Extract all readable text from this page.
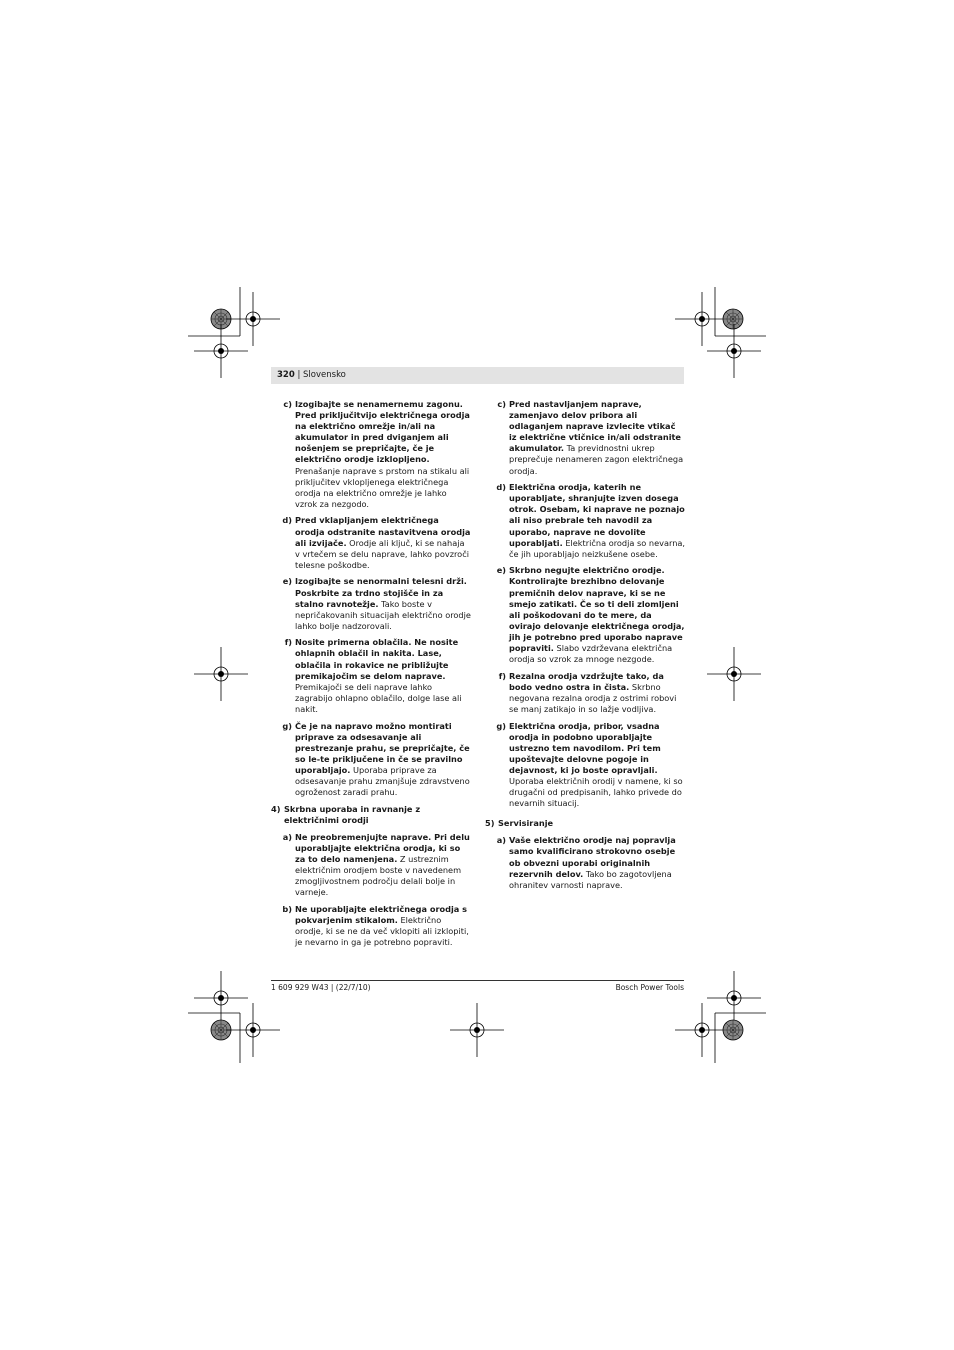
320 | Slovensko
c) Izogibajte se nenamernemu zagonu. Pred priključitvijo električnega orodja na električno omrežje in/ali na akumulator in pred dviganjem ali nošenjem se prepričajte, če je električno orodje izklopljeno. Prenašanje naprave s prstom na stikalu ali priključitev vklopljenega električnega orodja na električno omrežje je lahko vzrok za nezgodo.
d) Pred vklapljanjem električnega orodja odstranite nastavitvena orodja ali izvijače. Orodje ali ključ, ki se nahaja v vrtečem se delu naprave, lahko povzroči telesne poškodbe.
e) Izogibajte se nenormalni telesni drži. Poskrbite za trdno stojišče in za stalno ravnotežje. Tako boste v nepričakovanih situacijah električno orodje lahko bolje nadzorovali.
f) Nosite primerna oblačila. Ne nosite ohlapnih oblačil in nakita. Lase, oblačila in rokavice ne približujte premikajočim se delom naprave. Premikajoči se deli naprave lahko zagrabijo ohlapno oblačilo, dolge lase ali nakit.
g) Če je na napravo možno montirati priprave za odsesavanje ali prestrezanje prahu, se prepričajte, če so le-te priključene in če se pravilno uporabljajo. Uporaba priprave za odsesavanje prahu zmanjšuje zdravstveno ogroženost zaradi prahu.
4) Skrbna uporaba in ravnanje z električnimi orodji
a) Ne preobremenjujte naprave. Pri delu uporabljajte električna orodja, ki so za to delo namenjena. Z ustreznim električnim orodjem boste v navedenem zmogljivostnem področju delali bolje in varneje.
b) Ne uporabljajte električnega orodja s pokvarjenim stikalom. Električno orodje, ki se ne da več vklopiti ali izklopiti, je nevarno in ga je potrebno popraviti.
c) Pred nastavljanjem naprave, zamenjavo delov pribora ali odlaganjem naprave izvlecite vtikač iz električne vtičnice in/ali odstranite akumulator. Ta previdnostni ukrep preprečuje nenameren zagon električnega orodja.
d) Električna orodja, katerih ne uporabljate, shranjujte izven dosega otrok. Osebam, ki naprave ne poznajo ali niso prebrale teh navodil za uporabo, naprave ne dovolite uporabljati. Električna orodja so nevarna, če jih uporabljajo neizkušene osebe.
e) Skrbno negujte električno orodje. Kontrolirajte brezhibno delovanje premičnih delov naprave, ki se ne smejo zatikati. Če so ti deli zlomljeni ali poškodovani do te mere, da ovirajo delovanje električnega orodja, jih je potrebno pred uporabo naprave popraviti. Slabo vzdrževana električna orodja so vzrok za mnoge nezgode.
f) Rezalna orodja vzdržujte tako, da bodo vedno ostra in čista. Skrbno negovana rezalna orodja z ostrimi robovi se manj zatikajo in so lažje vodljiva.
g) Električna orodja, pribor, vsadna orodja in podobno uporabljajte ustrezno tem navodilom. Pri tem upoštevajte delovne pogoje in dejavnost, ki jo boste opravljali. Uporaba električnih orodij v namene, ki so drugačni od predpisanih, lahko privede do nevarnih situacij.
5) Servisiranje
a) Vaše električno orodje naj popravlja samo kvalificirano strokovno osebje ob obvezni uporabi originalnih rezervnih delov. Tako bo zagotovljena ohranitev varnosti naprave.
1 609 929 W43 | (22/7/10)	Bosch Power Tools
